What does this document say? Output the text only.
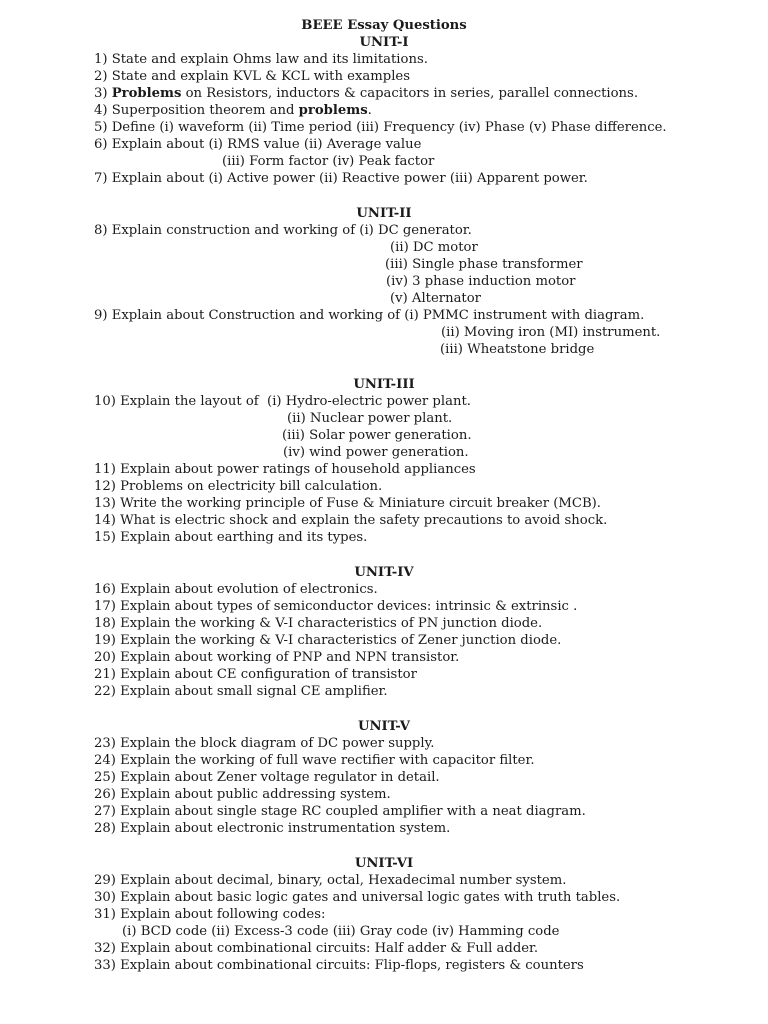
BEEE Essay Questions
UNIT-I
1) State and explain Ohms law and its limitations.
2) State and explain KVL & KCL with examples
3) Problems on Resistors, inductors & capacitors in series, parallel connections.
4) Superposition theorem and problems.
5) Define (i) waveform (ii) Time period (iii) Frequency (iv) Phase (v) Phase difference.
6) Explain about (i) RMS value (ii) Average value
(iii) Form factor (iv) Peak factor
7) Explain about (i) Active power (ii) Reactive power (iii) Apparent power.
UNIT-II
8) Explain construction and working of (i) DC generator.
(ii) DC motor
(iii) Single phase transformer
(iv) 3 phase induction motor
(v) Alternator
9) Explain about Construction and working of (i) PMMC instrument with diagram.
(ii) Moving iron (MI) instrument.
(iii) Wheatstone bridge
UNIT-III
10) Explain the layout of  (i) Hydro-electric power plant.
(ii) Nuclear power plant.
(iii) Solar power generation.
(iv) wind power generation.
11) Explain about power ratings of household appliances
12) Problems on electricity bill calculation.
13) Write the working principle of Fuse & Miniature circuit breaker (MCB).
14) What is electric shock and explain the safety precautions to avoid shock.
15) Explain about earthing and its types.
UNIT-IV
16) Explain about evolution of electronics.
17) Explain about types of semiconductor devices: intrinsic & extrinsic .
18) Explain the working & V-I characteristics of PN junction diode.
19) Explain the working & V-I characteristics of Zener junction diode.
20) Explain about working of PNP and NPN transistor.
21) Explain about CE configuration of transistor
22) Explain about small signal CE amplifier.
UNIT-V
23) Explain the block diagram of DC power supply.
24) Explain the working of full wave rectifier with capacitor filter.
25) Explain about Zener voltage regulator in detail.
26) Explain about public addressing system.
27) Explain about single stage RC coupled amplifier with a neat diagram.
28) Explain about electronic instrumentation system.
UNIT-VI
29) Explain about decimal, binary, octal, Hexadecimal number system.
30) Explain about basic logic gates and universal logic gates with truth tables.
31) Explain about following codes:
(i) BCD code (ii) Excess-3 code (iii) Gray code (iv) Hamming code
32) Explain about combinational circuits: Half adder & Full adder.
33) Explain about combinational circuits: Flip-flops, registers & counters
